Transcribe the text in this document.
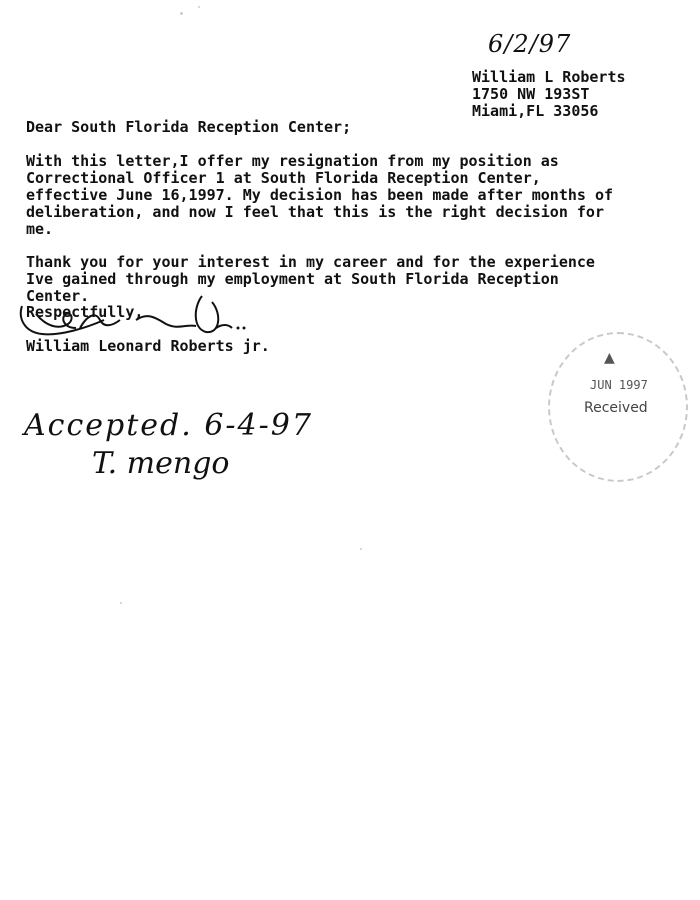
6/2/97
William L Roberts
1750 NW 193ST
Miami,FL 33056
Dear South Florida Reception Center;
With this letter,I offer my resignation from my position as
Correctional Officer 1 at South Florida Reception Center,
effective June 16,1997. My decision has been made after months of
deliberation, and now I feel that this is the right decision for
me.
Thank you for your interest in my career and for the experience
Ive gained through my employment at South Florida Reception
Center.
Respectfully,
William Leonard Roberts jr.
▲
JUN 1997
Received
Accepted. 6-4-97
T. mengo
